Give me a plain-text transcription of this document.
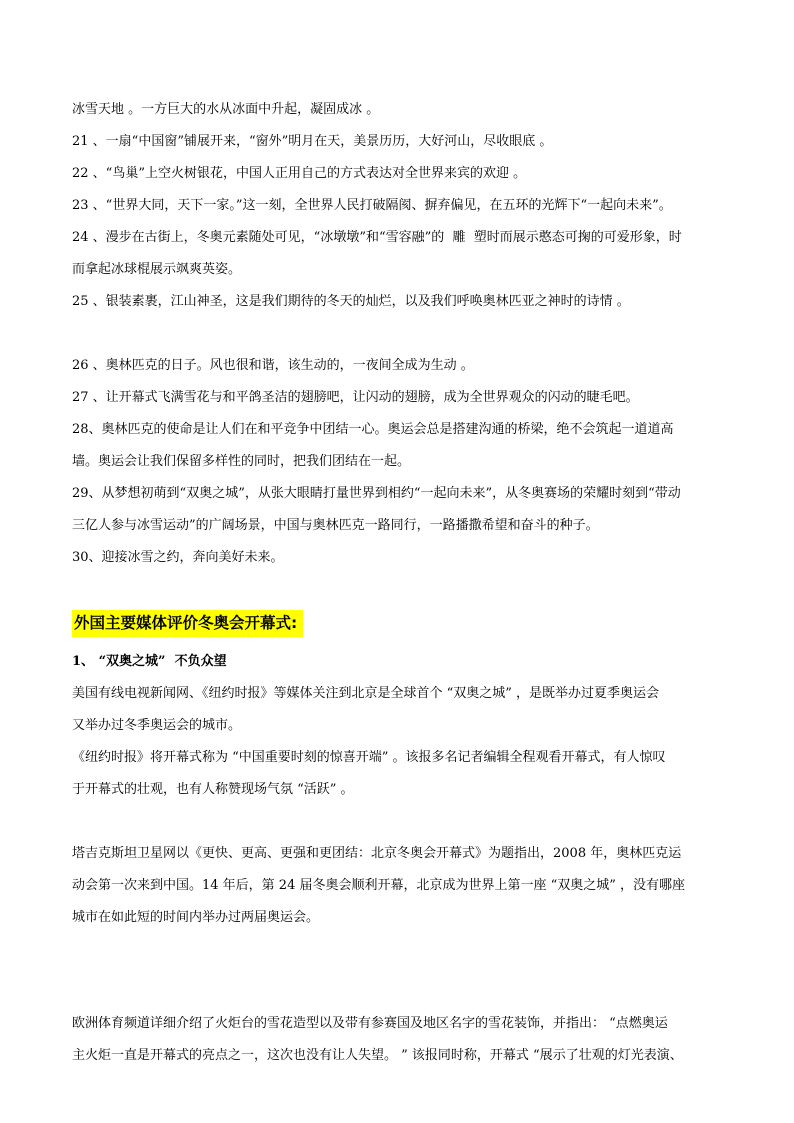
冰雪天地 。一方巨大的水从冰面中升起，凝固成冰 。
21 、一扇“中国窗”铺展开来，“窗外”明月在天，美景历历，大好河山，尽收眼底 。
22 、“鸟巢”上空火树银花，中国人正用自己的方式表达对全世界来宾的欢迎 。
23 、“世界大同，天下一家。”这一刻，全世界人民打破隔阂、摒弃偏见，在五环的光辉下“一起向未来”。
24 、漫步在古街上，冬奥元素随处可见，“冰墩墩”和“雪容融”的  雕  塑时而展示憨态可掬的可爱形象，时
而拿起冰球棍展示飒爽英姿。
25 、银装素裹，江山神圣，这是我们期待的冬天的灿烂，以及我们呼唤奥林匹亚之神时的诗情 。
26 、奥林匹克的日子。风也很和谐，该生动的，一夜间全成为生动 。
27 、让开幕式飞满雪花与和平鸽圣洁的翅膀吧，让闪动的翅膀，成为全世界观众的闪动的睫毛吧。
28、奥林匹克的使命是让人们在和平竞争中团结一心。奥运会总是搭建沟通的桥梁，绝不会筑起一道道高
墙。奥运会让我们保留多样性的同时，把我们团结在一起。
29、从梦想初萌到“双奥之城”，从张大眼睛打量世界到相约“一起向未来”，从冬奥赛场的荣耀时刻到“带动
三亿人参与冰雪运动”的广阔场景，中国与奥林匹克一路同行，一路播撒希望和奋斗的种子。
30、迎接冰雪之约，奔向美好未来。
外国主要媒体评价冬奥会开幕式:
1、 “双奥之城”  不负众望
美国有线电视新闻网、《纽约时报》等媒体关注到北京是全球首个 “双奥之城” ，是既举办过夏季奥运会
又举办过冬季奥运会的城市。
《纽约时报》将开幕式称为 “中国重要时刻的惊喜开端” 。该报多名记者编辑全程观看开幕式，有人惊叹
于开幕式的壮观，也有人称赞现场气氛 “活跃” 。
塔吉克斯坦卫星网以《更快、更高、更强和更团结：北京冬奥会开幕式》为题指出，2008 年，奥林匹克运
动会第一次来到中国。14 年后，第 24 届冬奥会顺利开幕，北京成为世界上第一座 “双奥之城” ，没有哪座
城市在如此短的时间内举办过两届奥运会。
欧洲体育频道详细介绍了火炬台的雪花造型以及带有参赛国及地区名字的雪花装饰，并指出： “点燃奥运
主火炬一直是开幕式的亮点之一，这次也没有让人失望。 ” 该报同时称，开幕式 “展示了壮观的灯光表演、
